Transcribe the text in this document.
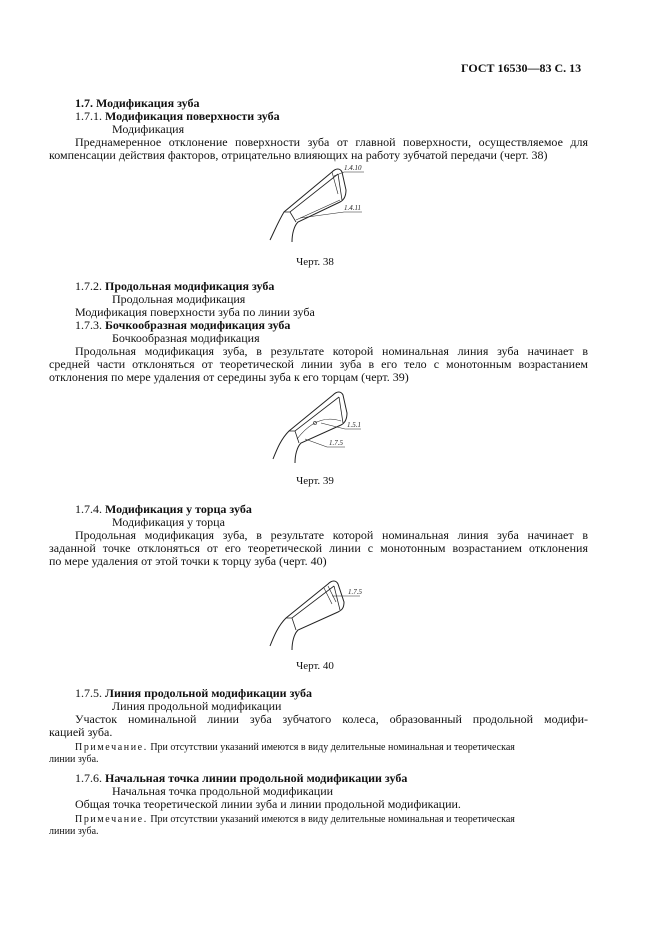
ГОСТ 16530—83 С. 13
1.7. Модификация зуба
1.7.1. Модификация поверхности зуба
Модификация
Преднамеренное отклонение поверхности зуба от главной поверхности, осуществляемое для
компенсации действия факторов, отрицательно влияющих на работу зубчатой передачи (черт. 38)
1.4.10
1.4.11
Черт. 38
1.7.2. Продольная модификация зуба
Продольная модификация
Модификация поверхности зуба по линии зуба
1.7.3. Бочкообразная модификация зуба
Бочкообразная модификация
Продольная модификация зуба, в результате которой номинальная линия зуба начинает в
средней части отклоняться от теоретической линии зуба в его тело с монотонным возрастанием
отклонения по мере удаления от середины зуба к его торцам (черт. 39)
1.5.1
1.7.5
Черт. 39
1.7.4. Модификация у торца зуба
Модификация у торца
Продольная модификация зуба, в результате которой номинальная линия зуба начинает в
заданной точке отклоняться от его теоретической линии с монотонным возрастанием отклонения
по мере удаления от этой точки к торцу зуба (черт. 40)
1.7.5
Черт. 40
1.7.5. Линия продольной модификации зуба
Линия продольной модификации
Участок номинальной линии зуба зубчатого колеса, образованный продольной модифи-
кацией зуба.
Примечание. При отсутствии указаний имеются в виду делительные номинальная и теоретическая
линии зуба.
1.7.6. Начальная точка линии продольной модификации зуба
Начальная точка продольной модификации
Общая точка теоретической линии зуба и линии продольной модификации.
Примечание. При отсутствии указаний имеются в виду делительные номинальная и теоретическая
линии зуба.
